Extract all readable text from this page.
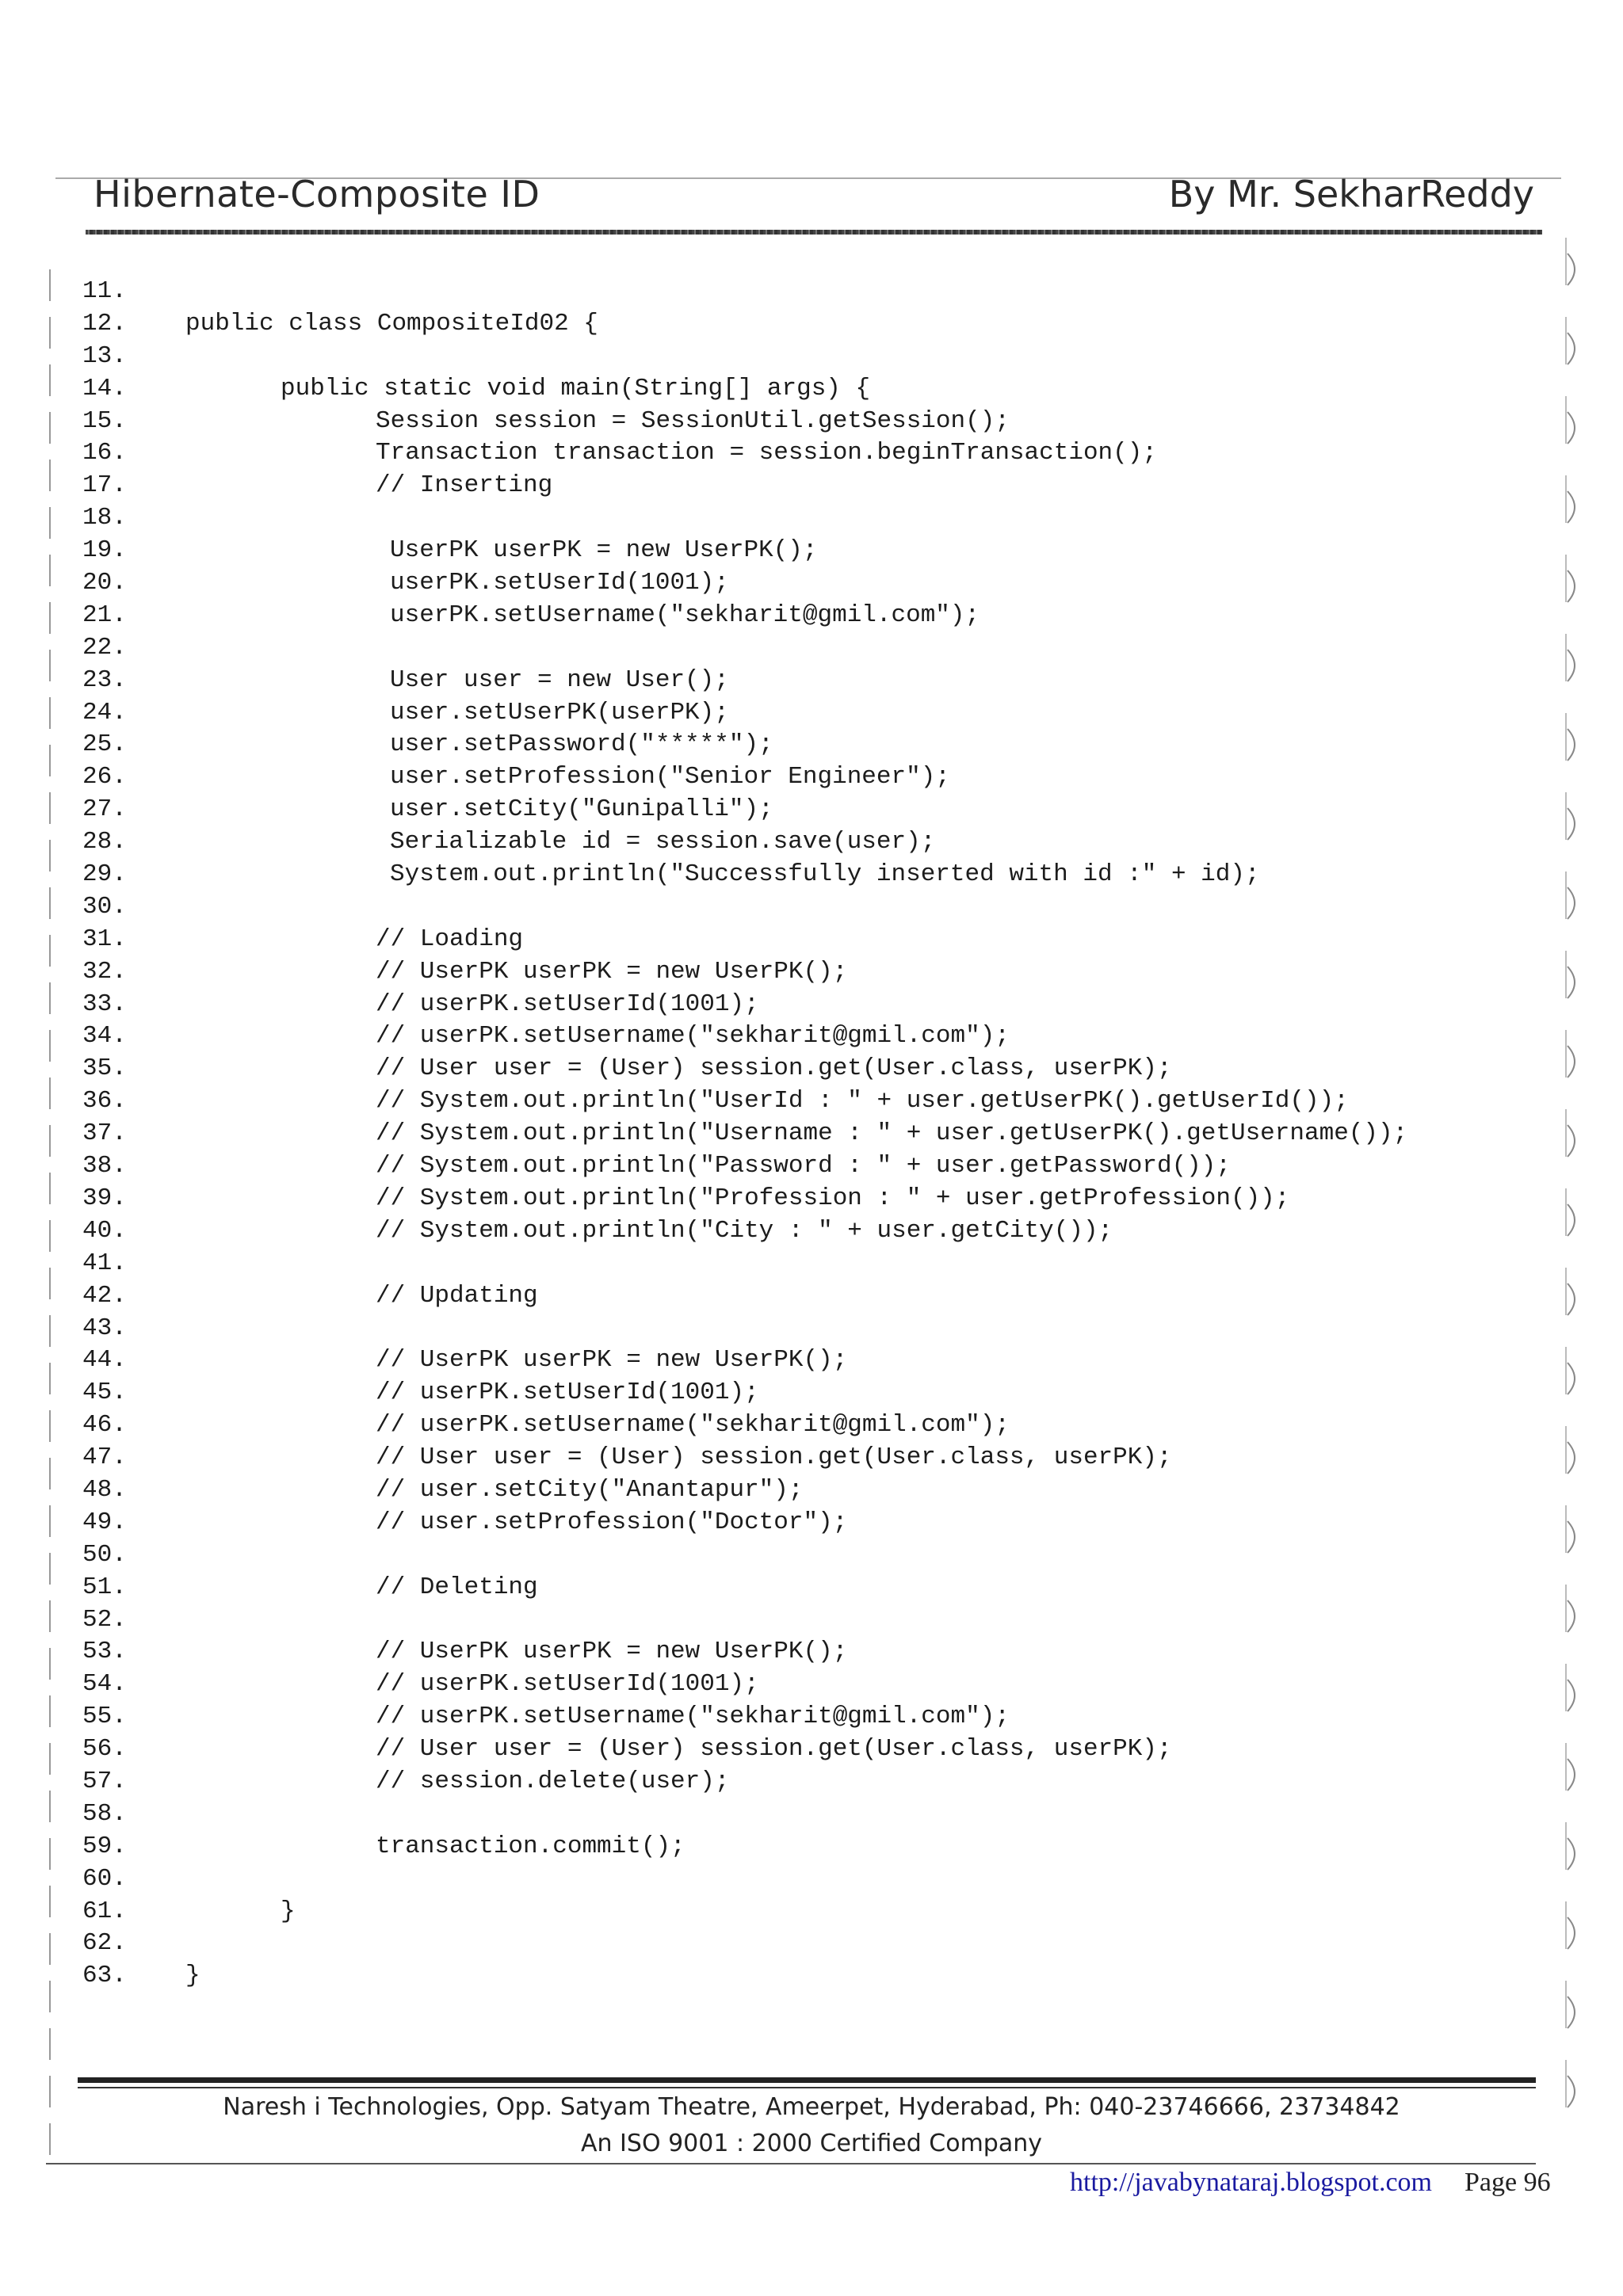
Hibernate-Composite ID	By Mr. SekharReddy
11.
12. public class CompositeId02 {
13.
14.	public static void main(String[] args) {
15.	Session session = SessionUtil.getSession();
16.	Transaction transaction = session.beginTransaction();
17.	// Inserting
18.
19.	UserPK userPK = new UserPK();
20.	userPK.setUserId(1001);
21.	userPK.setUsername("sekharit@gmil.com");
22.
23.	User user = new User();
24.	user.setUserPK(userPK);
25.	user.setPassword("*****");
26.	user.setProfession("Senior Engineer");
27.	user.setCity("Gunipalli");
28.	Serializable id = session.save(user);
29.	System.out.println("Successfully inserted with id :" + id);
30.
31.	// Loading
32.	// UserPK userPK = new UserPK();
33.	// userPK.setUserId(1001);
34.	// userPK.setUsername("sekharit@gmil.com");
35.	// User user = (User) session.get(User.class, userPK);
36.	// System.out.println("UserId : " + user.getUserPK().getUserId());
37.	// System.out.println("Username : " + user.getUserPK().getUsername());
38.	// System.out.println("Password : " + user.getPassword());
39.	// System.out.println("Profession : " + user.getProfession());
40.	// System.out.println("City : " + user.getCity());
41.
42.	// Updating
43.
44.	// UserPK userPK = new UserPK();
45.	// userPK.setUserId(1001);
46.	// userPK.setUsername("sekharit@gmil.com");
47.	// User user = (User) session.get(User.class, userPK);
48.	// user.setCity("Anantapur");
49.	// user.setProfession("Doctor");
50.
51.	// Deleting
52.
53.	// UserPK userPK = new UserPK();
54.	// userPK.setUserId(1001);
55.	// userPK.setUsername("sekharit@gmil.com");
56.	// User user = (User) session.get(User.class, userPK);
57.	// session.delete(user);
58.
59.	transaction.commit();
60.
61.	}
62.
63. }
Naresh i Technologies, Opp. Satyam Theatre, Ameerpet, Hyderabad, Ph: 040-23746666, 23734842
An ISO 9001 : 2000 Certified Company
http://javabynataraj.blogspot.com Page 96
